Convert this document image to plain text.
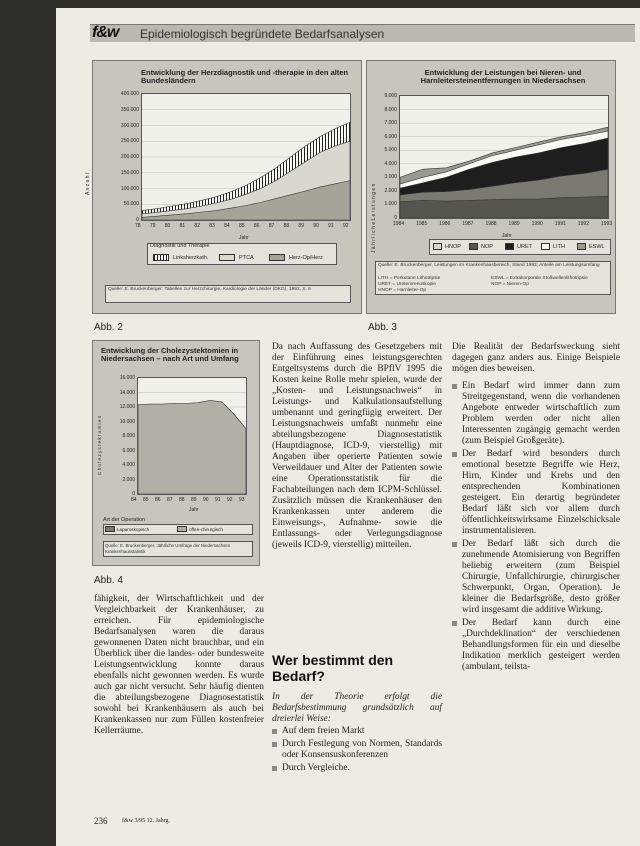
f&w Epidemiologisch begründete Bedarfsanalysen
Entwicklung der Herzdiagnostik und -therapie in den alten Bundesländern
A n z a h l
Jahr
Diagnostik und Therapie
Linksherzkath.	PTCA	Herz-Op/Herz
Quelle: E. Bruckenberger: Tabellen zur Herzchirurgie, Kardiologie der Länder (DKG), 1992, S. 6
0
50.000
100.000
150.000
200.000
250.000
300.000
350.000
400.000
78 79 80 81 82 83 84 85 86 87 88 89 90 91 92
Abb. 2
Entwicklung der Leistungen bei Nieren- und Harnleitersteinentfernungen in Niedersachsen
J ä h r l i c h e L e i s t u n g e n	Jahr
Quelle: E. Bruckenberger, Leistungen im Krankenhausbereich, Stand 1993; Anteile am Leistungsumfang
LITH = Perkutane Lithotripsie
URET = Ureterorenoskopie
HNOP = Harnleiter-Op
ESWL = Extrakorporale Stoßwellenlithotripsie
NOP = Nieren-Op
0
1.000
2.000
3.000
4.000
5.000
6.000
7.000
8.000
9.000
1984 1985 1986 1987 1988 1989 1990 1991 1992 1993
HNOP	NOP	URET	LITH	ESWL
Abb. 3
Entwicklung der Cholezystektomien in Niedersachsen – nach Art und Umfang
C h o l e z y s t e k t o m i e n
Jahr
Art der Operation
Laparoskopisch	offen-chirurgisch
Quelle: E. Bruckenberger, Jährliche Umfrage der Niedersachsen Krankenhausstatistik
0
2.000
4.000
6.000
8.000
10.000
12.000
14.000
16.000
84 85 86 87 88 89 90 91 92 93
Abb. 4

fähigkeit, der Wirtschaftlichkeit und der Vergleichbarkeit der Krankenhäuser, zu erreichen. Für epidemiologische Bedarfsanalysen waren die daraus gewonnenen Daten nicht brauchbar, und ein Überblick über die landes- oder bundesweite Leistungsentwicklung konnte daraus ebenfalls nicht gewonnen werden. Es wurde auch gar nicht versucht. Sehr häufig dienten die abteilungsbezogene Diagnosestatistik sowohl bei Krankenhäusern als auch bei Krankenkassen nur zum Füllen kostenfreier Kellerräume.

Da nach Auffassung des Gesetzgebers mit der Einführung eines leistungsgerechten Entgeltsystems durch die BPflV 1995 die Kosten keine Rolle mehr spielen, wurde der „Kosten- und Leistungsnachweis“ in Leistungs- und Kalkulationsaufstellung umbenannt und geringfügig erweitert. Der Leistungsnachweis umfaßt nunmehr eine abteilungsbezogene Diagnosestatistik (Hauptdiagnose, ICD-9, vierstellig) mit Angaben über operierte Patienten sowie Verweildauer und Alter der Patienten sowie eine Operationsstatistik für die Fachabteilungen nach dem ICPM-Schlüssel. Zusätzlich müssen die Krankenhäuser den Krankenkassen unter anderem die Einweisungs-, Aufnahme- sowie die Entlassungs- oder Verlegungsdiagnose (jeweils ICD-9, vierstellig) mitteilen.

Wer bestimmt den Bedarf?

In der Theorie erfolgt die Bedarfsbestimmung grundsätzlich auf dreierlei Weise:

Auf dem freien Markt
Durch Festlegung von Normen, Standards oder Konsensuskonferenzen
Durch Vergleiche.

Die Realität der Bedarfsweckung sieht dagegen ganz anders aus. Einige Beispiele mögen dies beweisen.

Ein Bedarf wird immer dann zum Streitgegenstand, wenn die vorhandenen Angebote entweder wirtschaftlich zum Problem werden oder nicht allen Interessenten zugängig gemacht werden (zum Beispiel Großgeräte).
Der Bedarf wird besonders durch emotional besetzte Begriffe wie Herz, Hirn, Kinder und Krebs und den entsprechenden Kombinationen gesteigert. Ein derartig begründeter Bedarf läßt sich vor allem durch öffentlichkeitswirksame Einzelschicksale instrumentalisieren.
Der Bedarf läßt sich durch die zunehmende Atomisierung von Begriffen beliebig erweitern (zum Beispiel Chirurgie, Unfallchirurgie, chirurgischer Schwerpunkt, Organ, Operation). Je kleiner die Bedarfsgröße, desto größer wird insgesamt die additive Wirkung.
Der Bedarf kann durch eine „Durchdeklination“ der verschiedenen Behandlungsformen für ein und dieselbe Indikation merklich gesteigert werden (ambulant, teilsta-
236 f&w 3/95 12. Jahrg.
